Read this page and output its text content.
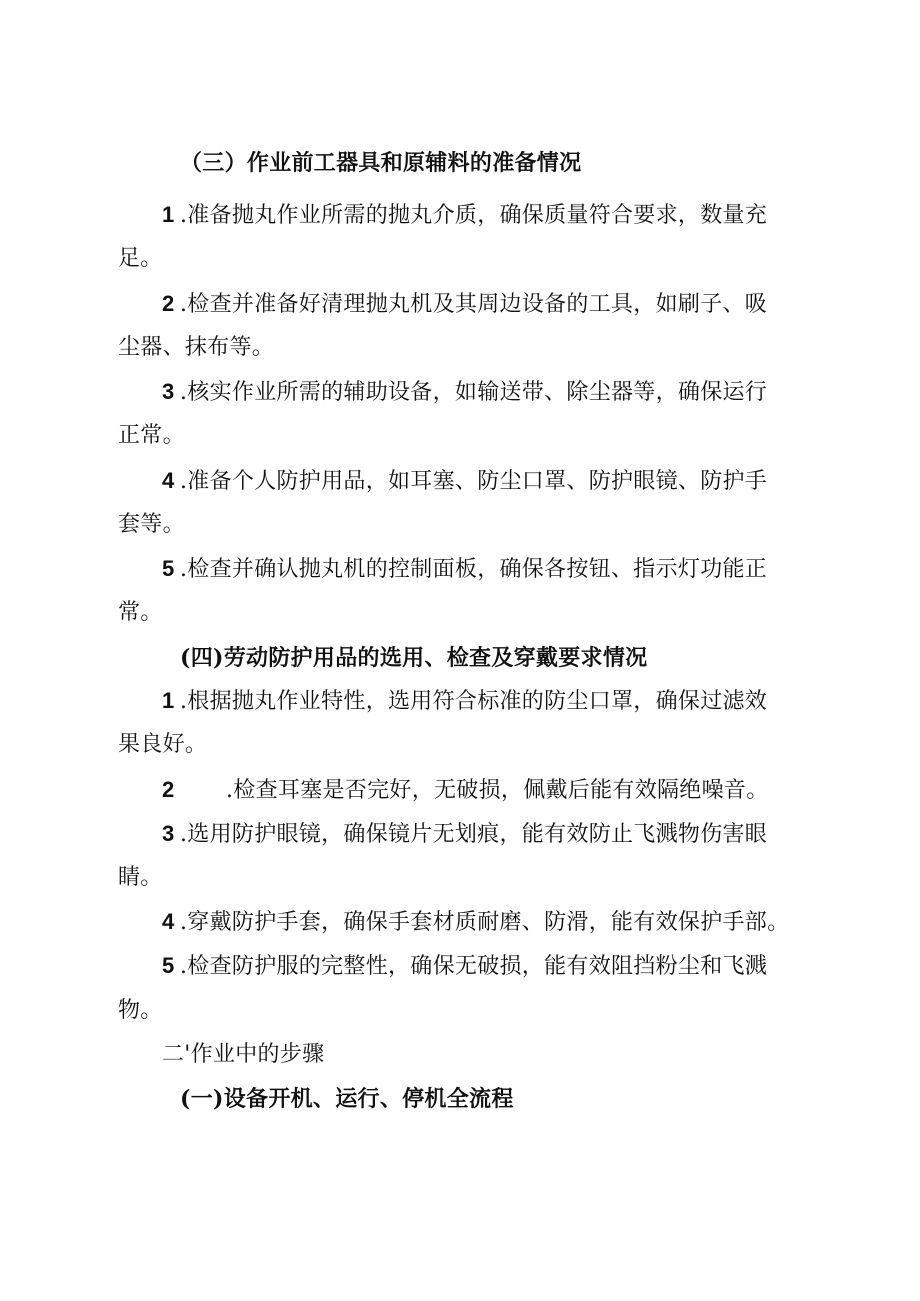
（三）作业前工器具和原辅料的准备情况
1 .准备抛丸作业所需的抛丸介质，确保质量符合要求，数量充
足。
2 .检查并准备好清理抛丸机及其周边设备的工具，如刷子、吸
尘器、抹布等。
3 .核实作业所需的辅助设备，如输送带、除尘器等，确保运行
正常。
4 .准备个人防护用品，如耳塞、防尘口罩、防护眼镜、防护手
套等。
5 .检查并确认抛丸机的控制面板，确保各按钮、指示灯功能正
常。
(四)劳动防护用品的选用、检查及穿戴要求情况
1 .根据抛丸作业特性，选用符合标准的防尘口罩，确保过滤效
果良好。
2 .检查耳塞是否完好，无破损，佩戴后能有效隔绝噪音。
3 .选用防护眼镜，确保镜片无划痕，能有效防止飞溅物伤害眼
睛。
4 .穿戴防护手套，确保手套材质耐磨、防滑，能有效保护手部。
5 .检查防护服的完整性，确保无破损，能有效阻挡粉尘和飞溅
物。
二'作业中的步骤
(一)设备开机、运行、停机全流程
